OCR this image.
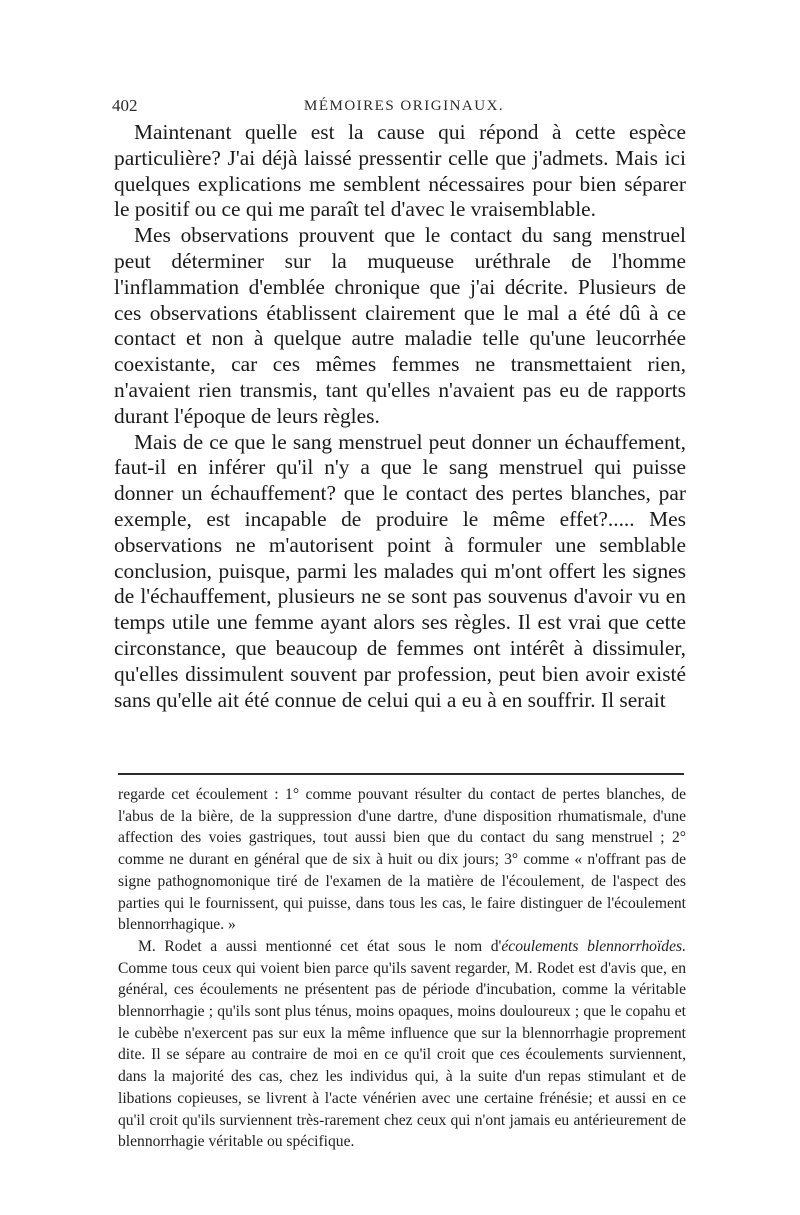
402	MÉMOIRES ORIGINAUX.

Maintenant quelle est la cause qui répond à cette espèce particulière? J'ai déjà laissé pressentir celle que j'admets. Mais ici quelques explications me semblent nécessaires pour bien séparer le positif ou ce qui me paraît tel d'avec le vraisemblable.

Mes observations prouvent que le contact du sang menstruel peut déterminer sur la muqueuse uréthrale de l'homme l'inflammation d'emblée chronique que j'ai décrite. Plusieurs de ces observations établissent clairement que le mal a été dû à ce contact et non à quelque autre maladie telle qu'une leucorrhée coexistante, car ces mêmes femmes ne transmettaient rien, n'avaient rien transmis, tant qu'elles n'avaient pas eu de rapports durant l'époque de leurs règles.

Mais de ce que le sang menstruel peut donner un échauffement, faut-il en inférer qu'il n'y a que le sang menstruel qui puisse donner un échauffement? que le contact des pertes blanches, par exemple, est incapable de produire le même effet?..... Mes observations ne m'autorisent point à formuler une semblable conclusion, puisque, parmi les malades qui m'ont offert les signes de l'échauffement, plusieurs ne se sont pas souvenus d'avoir vu en temps utile une femme ayant alors ses règles. Il est vrai que cette circonstance, que beaucoup de femmes ont intérêt à dissimuler, qu'elles dissimulent souvent par profession, peut bien avoir existé sans qu'elle ait été connue de celui qui a eu à en souffrir. Il serait

regarde cet écoulement : 1° comme pouvant résulter du contact de pertes blanches, de l'abus de la bière, de la suppression d'une dartre, d'une disposition rhumatismale, d'une affection des voies gastriques, tout aussi bien que du contact du sang menstruel ; 2° comme ne durant en général que de six à huit ou dix jours; 3° comme « n'offrant pas de signe pathognomonique tiré de l'examen de la matière de l'écoulement, de l'aspect des parties qui le fournissent, qui puisse, dans tous les cas, le faire distinguer de l'écoulement blennorrhagique. »

M. Rodet a aussi mentionné cet état sous le nom d'écoulements blennorrhoïdes. Comme tous ceux qui voient bien parce qu'ils savent regarder, M. Rodet est d'avis que, en général, ces écoulements ne présentent pas de période d'incubation, comme la véritable blennorrhagie ; qu'ils sont plus ténus, moins opaques, moins douloureux ; que le copahu et le cubèbe n'exercent pas sur eux la même influence que sur la blennorrhagie proprement dite. Il se sépare au contraire de moi en ce qu'il croit que ces écoulements surviennent, dans la majorité des cas, chez les individus qui, à la suite d'un repas stimulant et de libations copieuses, se livrent à l'acte vénérien avec une certaine frénésie; et aussi en ce qu'il croit qu'ils surviennent très-rarement chez ceux qui n'ont jamais eu antérieurement de blennorrhagie véritable ou spécifique.
